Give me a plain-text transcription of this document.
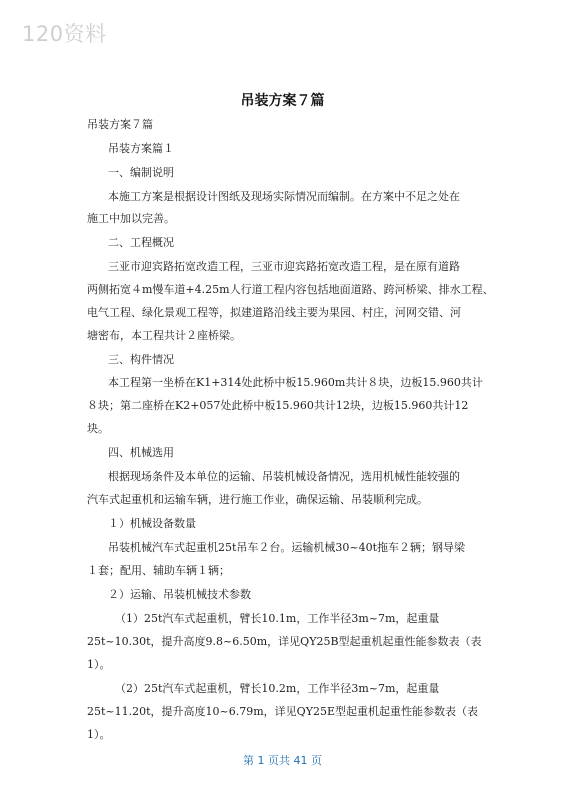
120资料
吊装方案７篇
吊装方案７篇
吊装方案篇１
一、编制说明
本施工方案是根据设计图纸及现场实际情况而编制。在方案中不足之处在
施工中加以完善。
二、工程概况
三亚市迎宾路拓宽改造工程，三亚市迎宾路拓宽改造工程，是在原有道路
两侧拓宽４m慢车道+4.25m人行道工程内容包括地面道路、跨河桥梁、排水工程、
电气工程、绿化景观工程等，拟建道路沿线主要为果园、村庄，河网交错、河
塘密布，本工程共计２座桥梁。
三、构件情况
本工程第一坐桥在K1+314处此桥中板15.960m共计８块，边板15.960共计
８块；第二座桥在K2+057处此桥中板15.960共计12块，边板15.960共计12
块。
四、机械选用
根据现场条件及本单位的运输、吊装机械设备情况，选用机械性能较强的
汽车式起重机和运输车辆，进行施工作业，确保运输、吊装顺利完成。
１）机械设备数量
吊装机械汽车式起重机25t吊车２台。运输机械30~40t拖车２辆；钢导梁
１套；配用、辅助车辆１辆；
２）运输、吊装机械技术参数
（1）25t汽车式起重机，臂长10.1m，工作半径3m~7m，起重量
25t~10.30t，提升高度9.8~6.50m，详见QY25B型起重机起重性能参数表（表
1）。
（2）25t汽车式起重机，臂长10.2m，工作半径3m~7m，起重量
25t~11.20t，提升高度10~6.79m，详见QY25E型起重机起重性能参数表（表
1）。
第 1 页共 41 页
